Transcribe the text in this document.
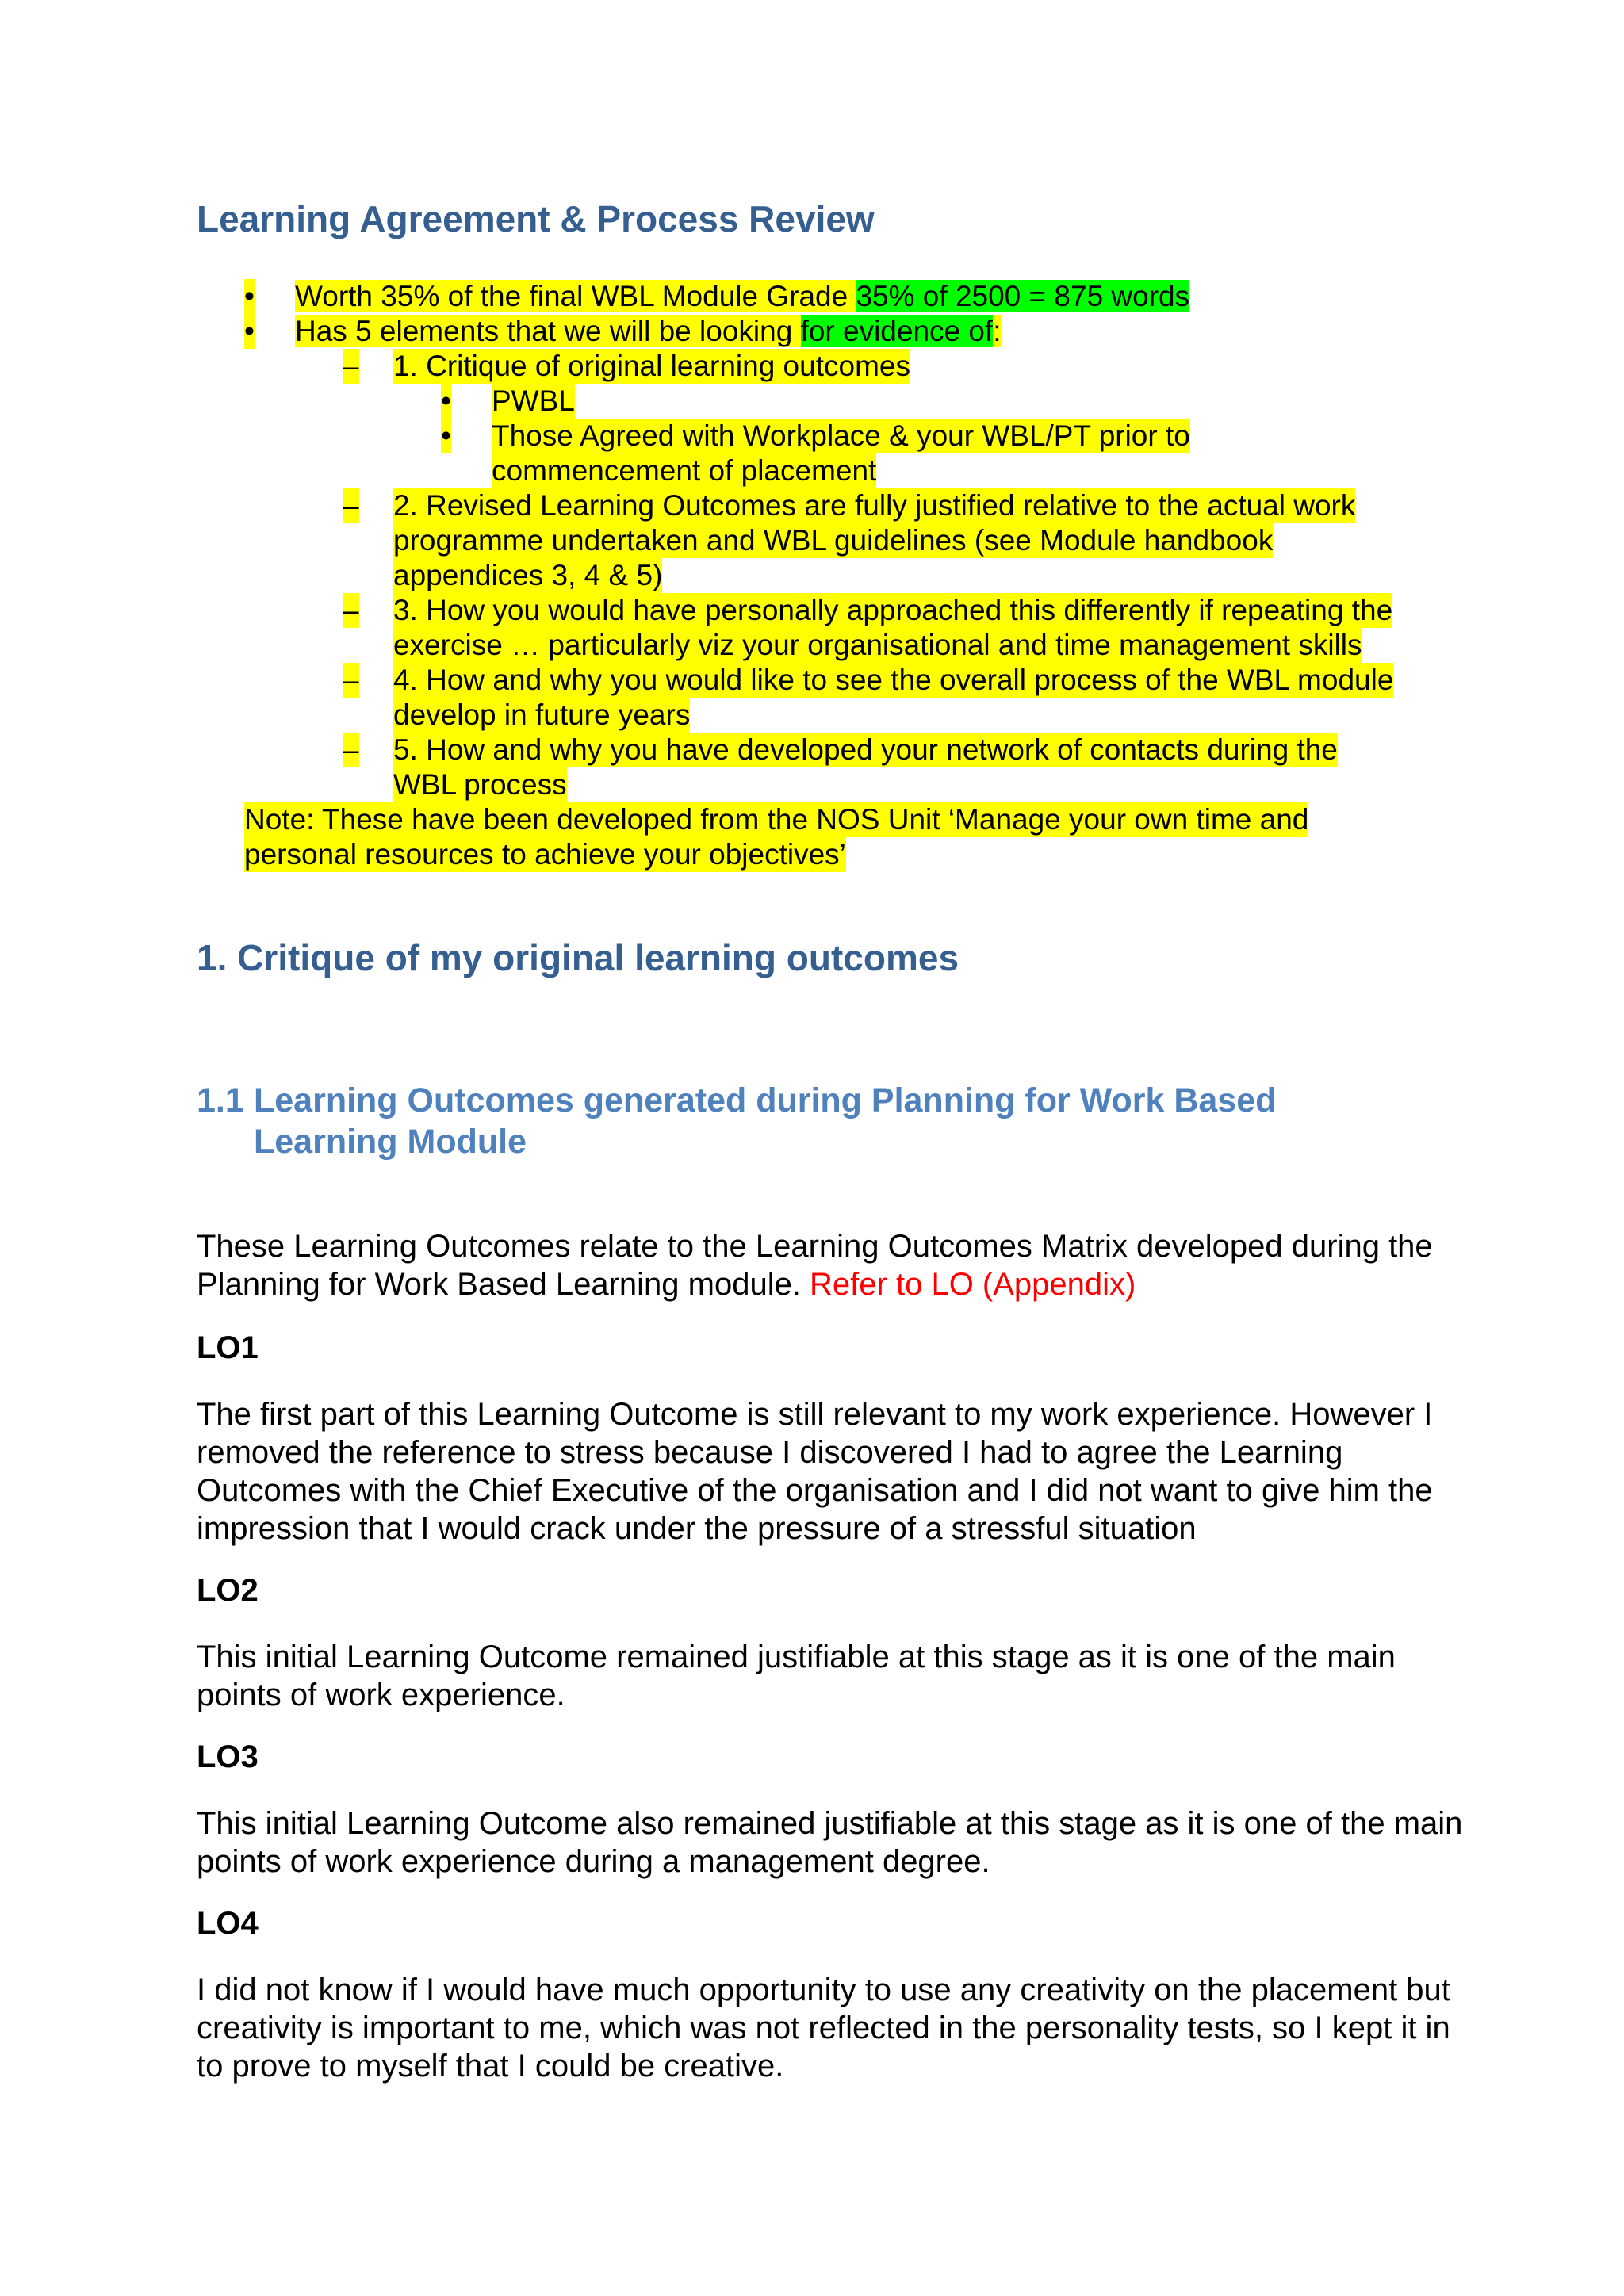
Learning Agreement & Process Review
• Worth 35% of the final WBL Module Grade 35% of 2500 = 875 words
• Has 5 elements that we will be looking for evidence of:
– 1. Critique of original learning outcomes
• PWBL
• Those Agreed with Workplace & your WBL/PT prior to
commencement of placement
– 2. Revised Learning Outcomes are fully justified relative to the actual work
programme undertaken and WBL guidelines (see Module handbook
appendices 3, 4 & 5)
– 3. How you would have personally approached this differently if repeating the
exercise … particularly viz your organisational and time management skills
– 4. How and why you would like to see the overall process of the WBL module
develop in future years
– 5. How and why you have developed your network of contacts during the
WBL process
Note: These have been developed from the NOS Unit ‘Manage your own time and
personal resources to achieve your objectives’
1. Critique of my original learning outcomes
1.1 Learning Outcomes generated during Planning for Work Based
Learning Module

These Learning Outcomes relate to the Learning Outcomes Matrix developed during the Planning for Work Based Learning module. Refer to LO (Appendix)

LO1

The first part of this Learning Outcome is still relevant to my work experience. However I removed the reference to stress because I discovered I had to agree the Learning Outcomes with the Chief Executive of the organisation and I did not want to give him the impression that I would crack under the pressure of a stressful situation

LO2

This initial Learning Outcome remained justifiable at this stage as it is one of the main points of work experience.

LO3

This initial Learning Outcome also remained justifiable at this stage as it is one of the main points of work experience during a management degree.

LO4

I did not know if I would have much opportunity to use any creativity on the placement but creativity is important to me, which was not reflected in the personality tests, so I kept it in to prove to myself that I could be creative.
